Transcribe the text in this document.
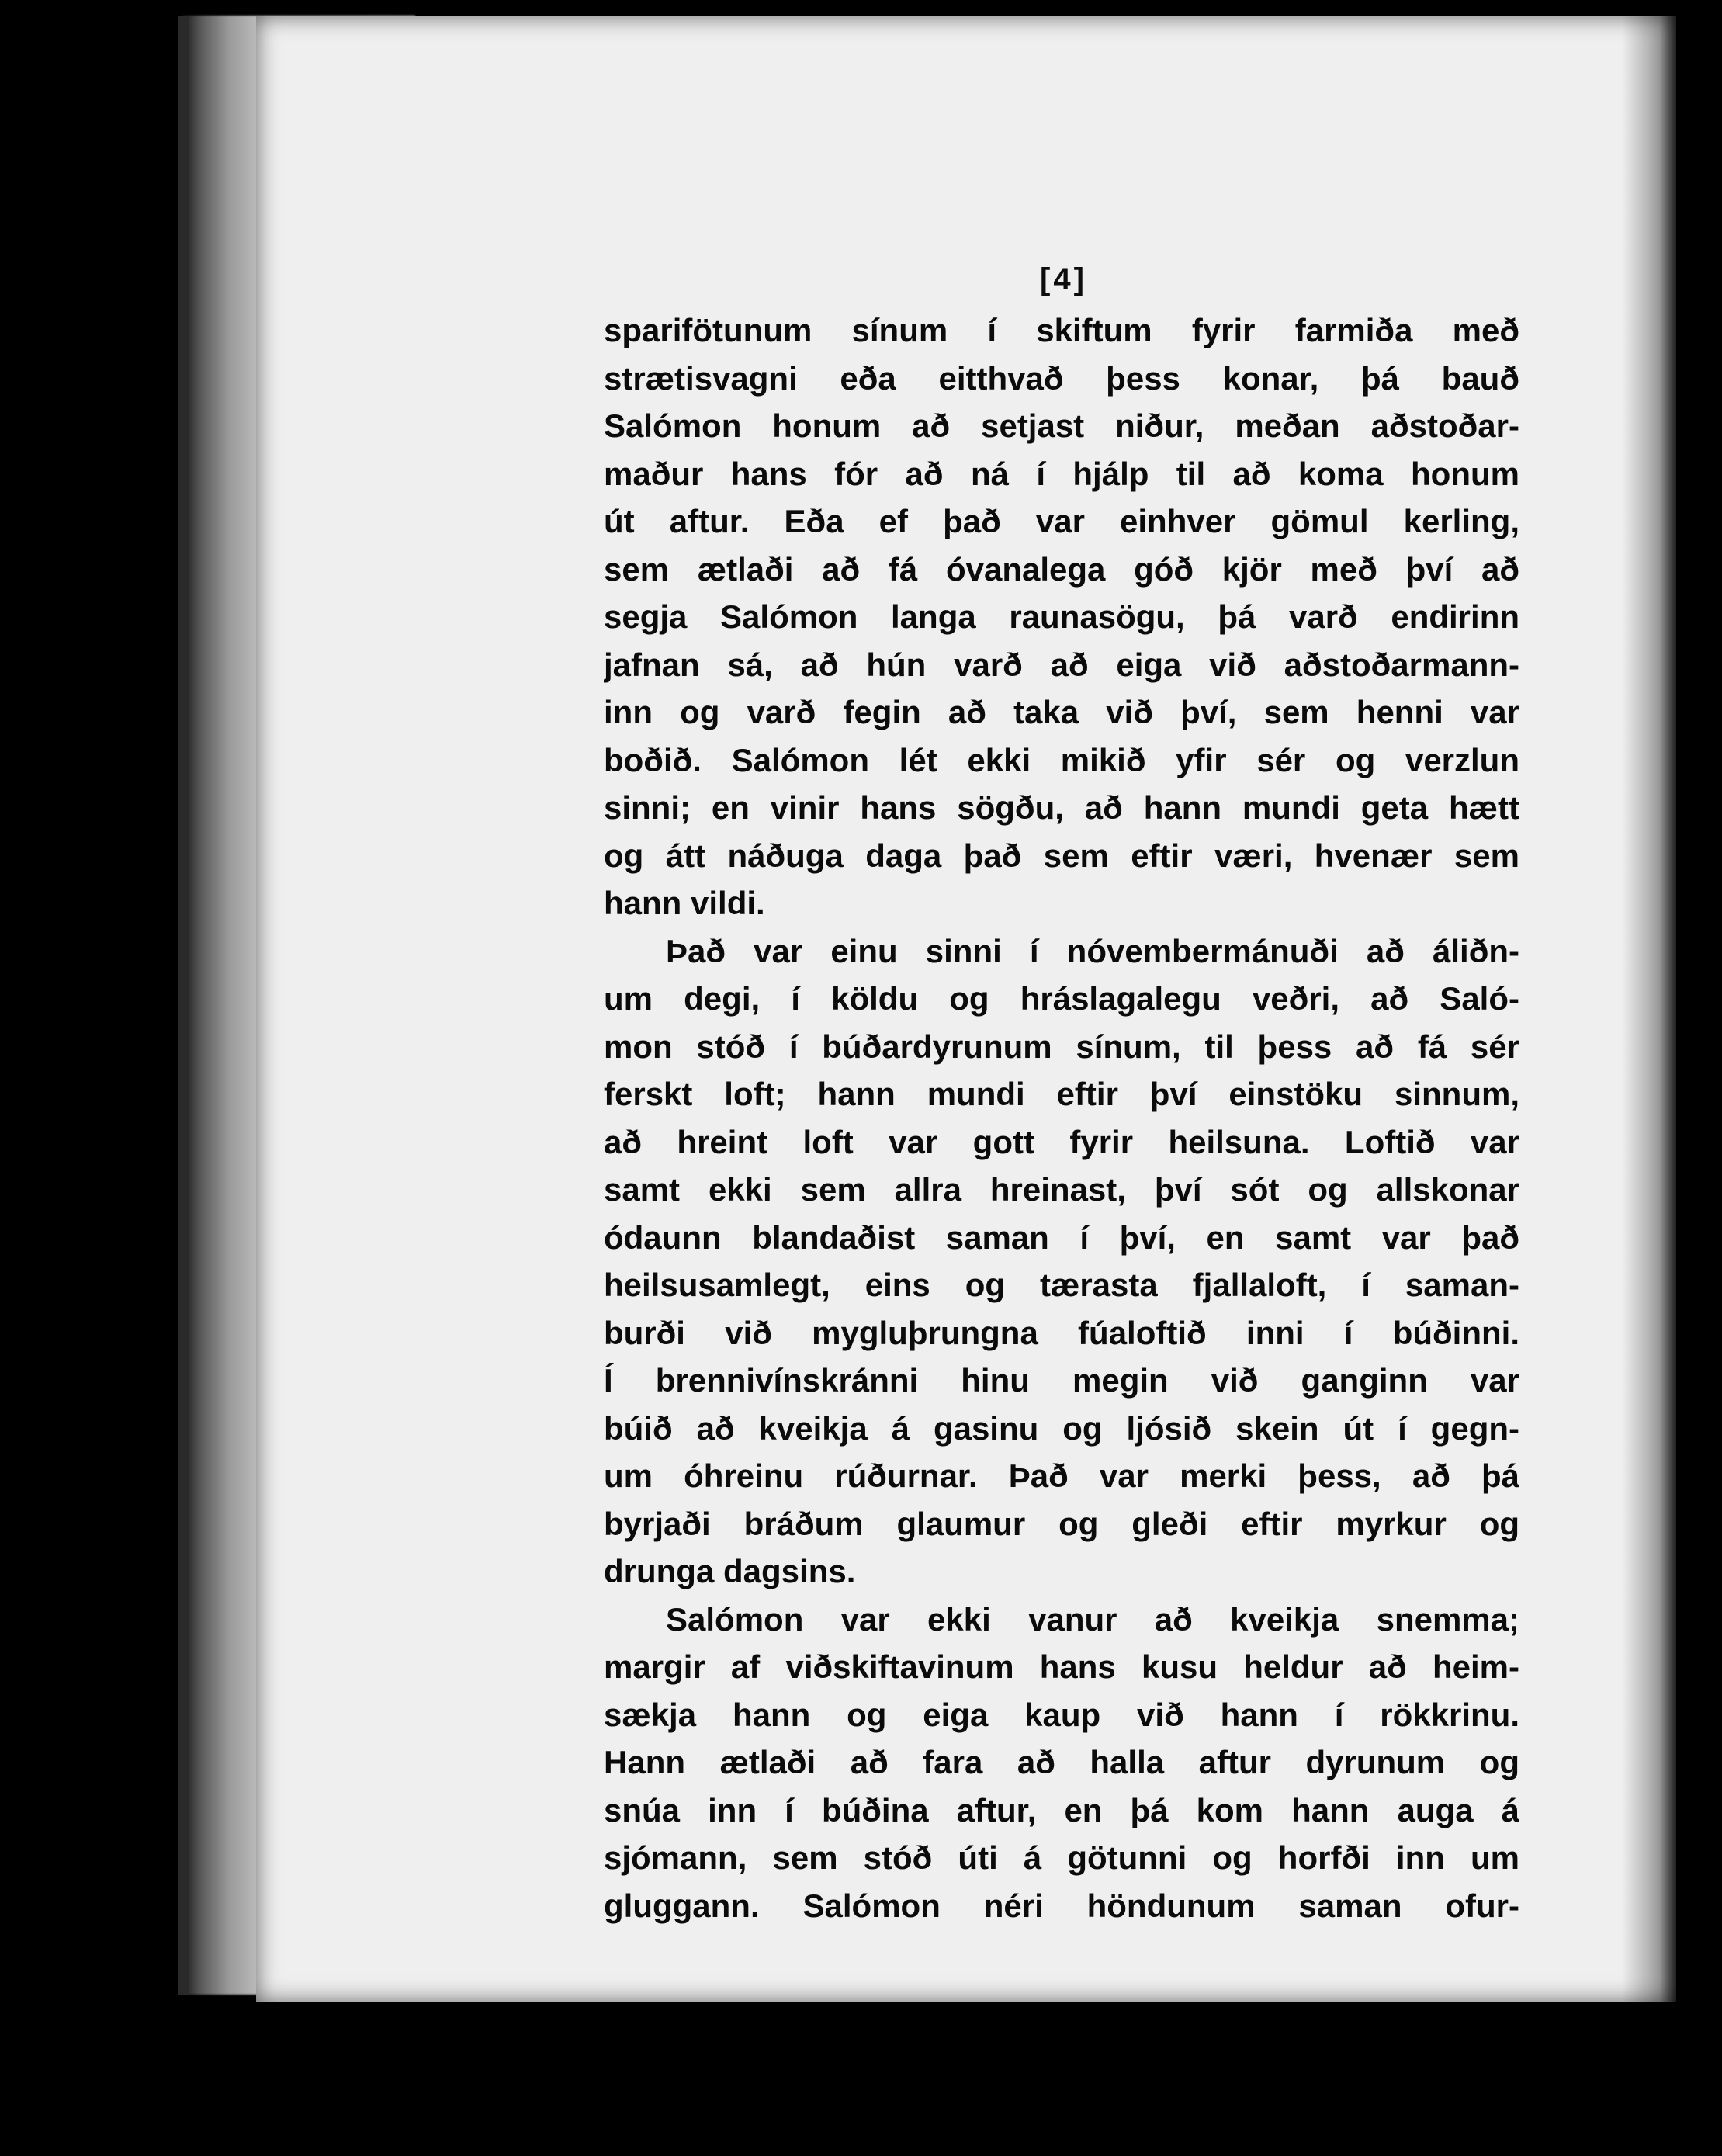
[4]
sparifötunum sínum í skiftum fyrir farmiða með
strætisvagni eða eitthvað þess konar, þá bauð
Salómon honum að setjast niður, meðan aðstoðar-
maður hans fór að ná í hjálp til að koma honum
út aftur. Eða ef það var einhver gömul kerling,
sem ætlaði að fá óvanalega góð kjör með því að
segja Salómon langa raunasögu, þá varð endirinn
jafnan sá, að hún varð að eiga við aðstoðarmann-
inn og varð fegin að taka við því, sem henni var
boðið. Salómon lét ekki mikið yfir sér og verzlun
sinni; en vinir hans sögðu, að hann mundi geta hætt
og átt náðuga daga það sem eftir væri, hvenær sem
hann vildi.
Það var einu sinni í nóvembermánuði að áliðn-
um degi, í köldu og hráslagalegu veðri, að Saló-
mon stóð í búðardyrunum sínum, til þess að fá sér
ferskt loft; hann mundi eftir því einstöku sinnum,
að hreint loft var gott fyrir heilsuna. Loftið var
samt ekki sem allra hreinast, því sót og allskonar
ódaunn blandaðist saman í því, en samt var það
heilsusamlegt, eins og tærasta fjallaloft, í saman-
burði við mygluþrungna fúaloftið inni í búðinni.
Í brennivínskránni hinu megin við ganginn var
búið að kveikja á gasinu og ljósið skein út í gegn-
um óhreinu rúðurnar. Það var merki þess, að þá
byrjaði bráðum glaumur og gleði eftir myrkur og
drunga dagsins.
Salómon var ekki vanur að kveikja snemma;
margir af viðskiftavinum hans kusu heldur að heim-
sækja hann og eiga kaup við hann í rökkrinu.
Hann ætlaði að fara að halla aftur dyrunum og
snúa inn í búðina aftur, en þá kom hann auga á
sjómann, sem stóð úti á götunni og horfði inn um
gluggann. Salómon néri höndunum saman ofur-
